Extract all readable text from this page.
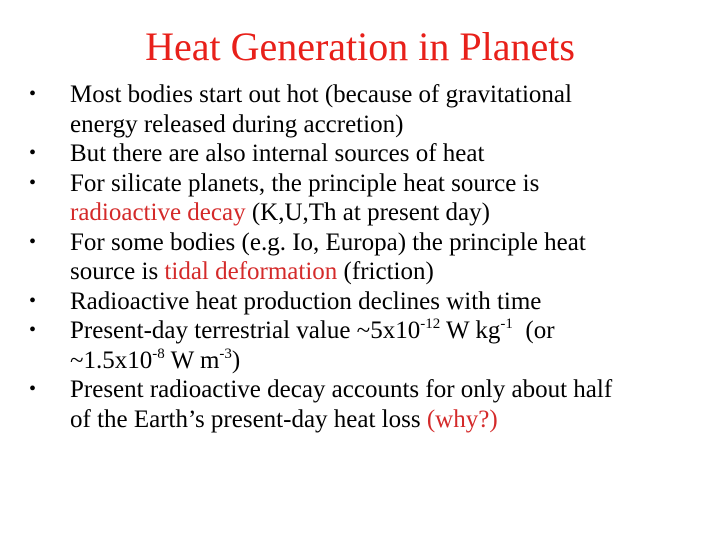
Heat Generation in Planets
• Most bodies start out hot (because of gravitational
energy released during accretion)
• But there are also internal sources of heat
• For silicate planets, the principle heat source is
radioactive decay (K,U,Th at present day)
• For some bodies (e.g. Io, Europa) the principle heat
source is tidal deformation (friction)
• Radioactive heat production declines with time
• Present-day terrestrial value $\sim 5x10^{-12}$ W $kg^{-1}$  (or
$\sim 1.5x10^{-8}$ W $m^{-3}$)
• Present radioactive decay accounts for only about half
of the Earth’s present-day heat loss (why?)
